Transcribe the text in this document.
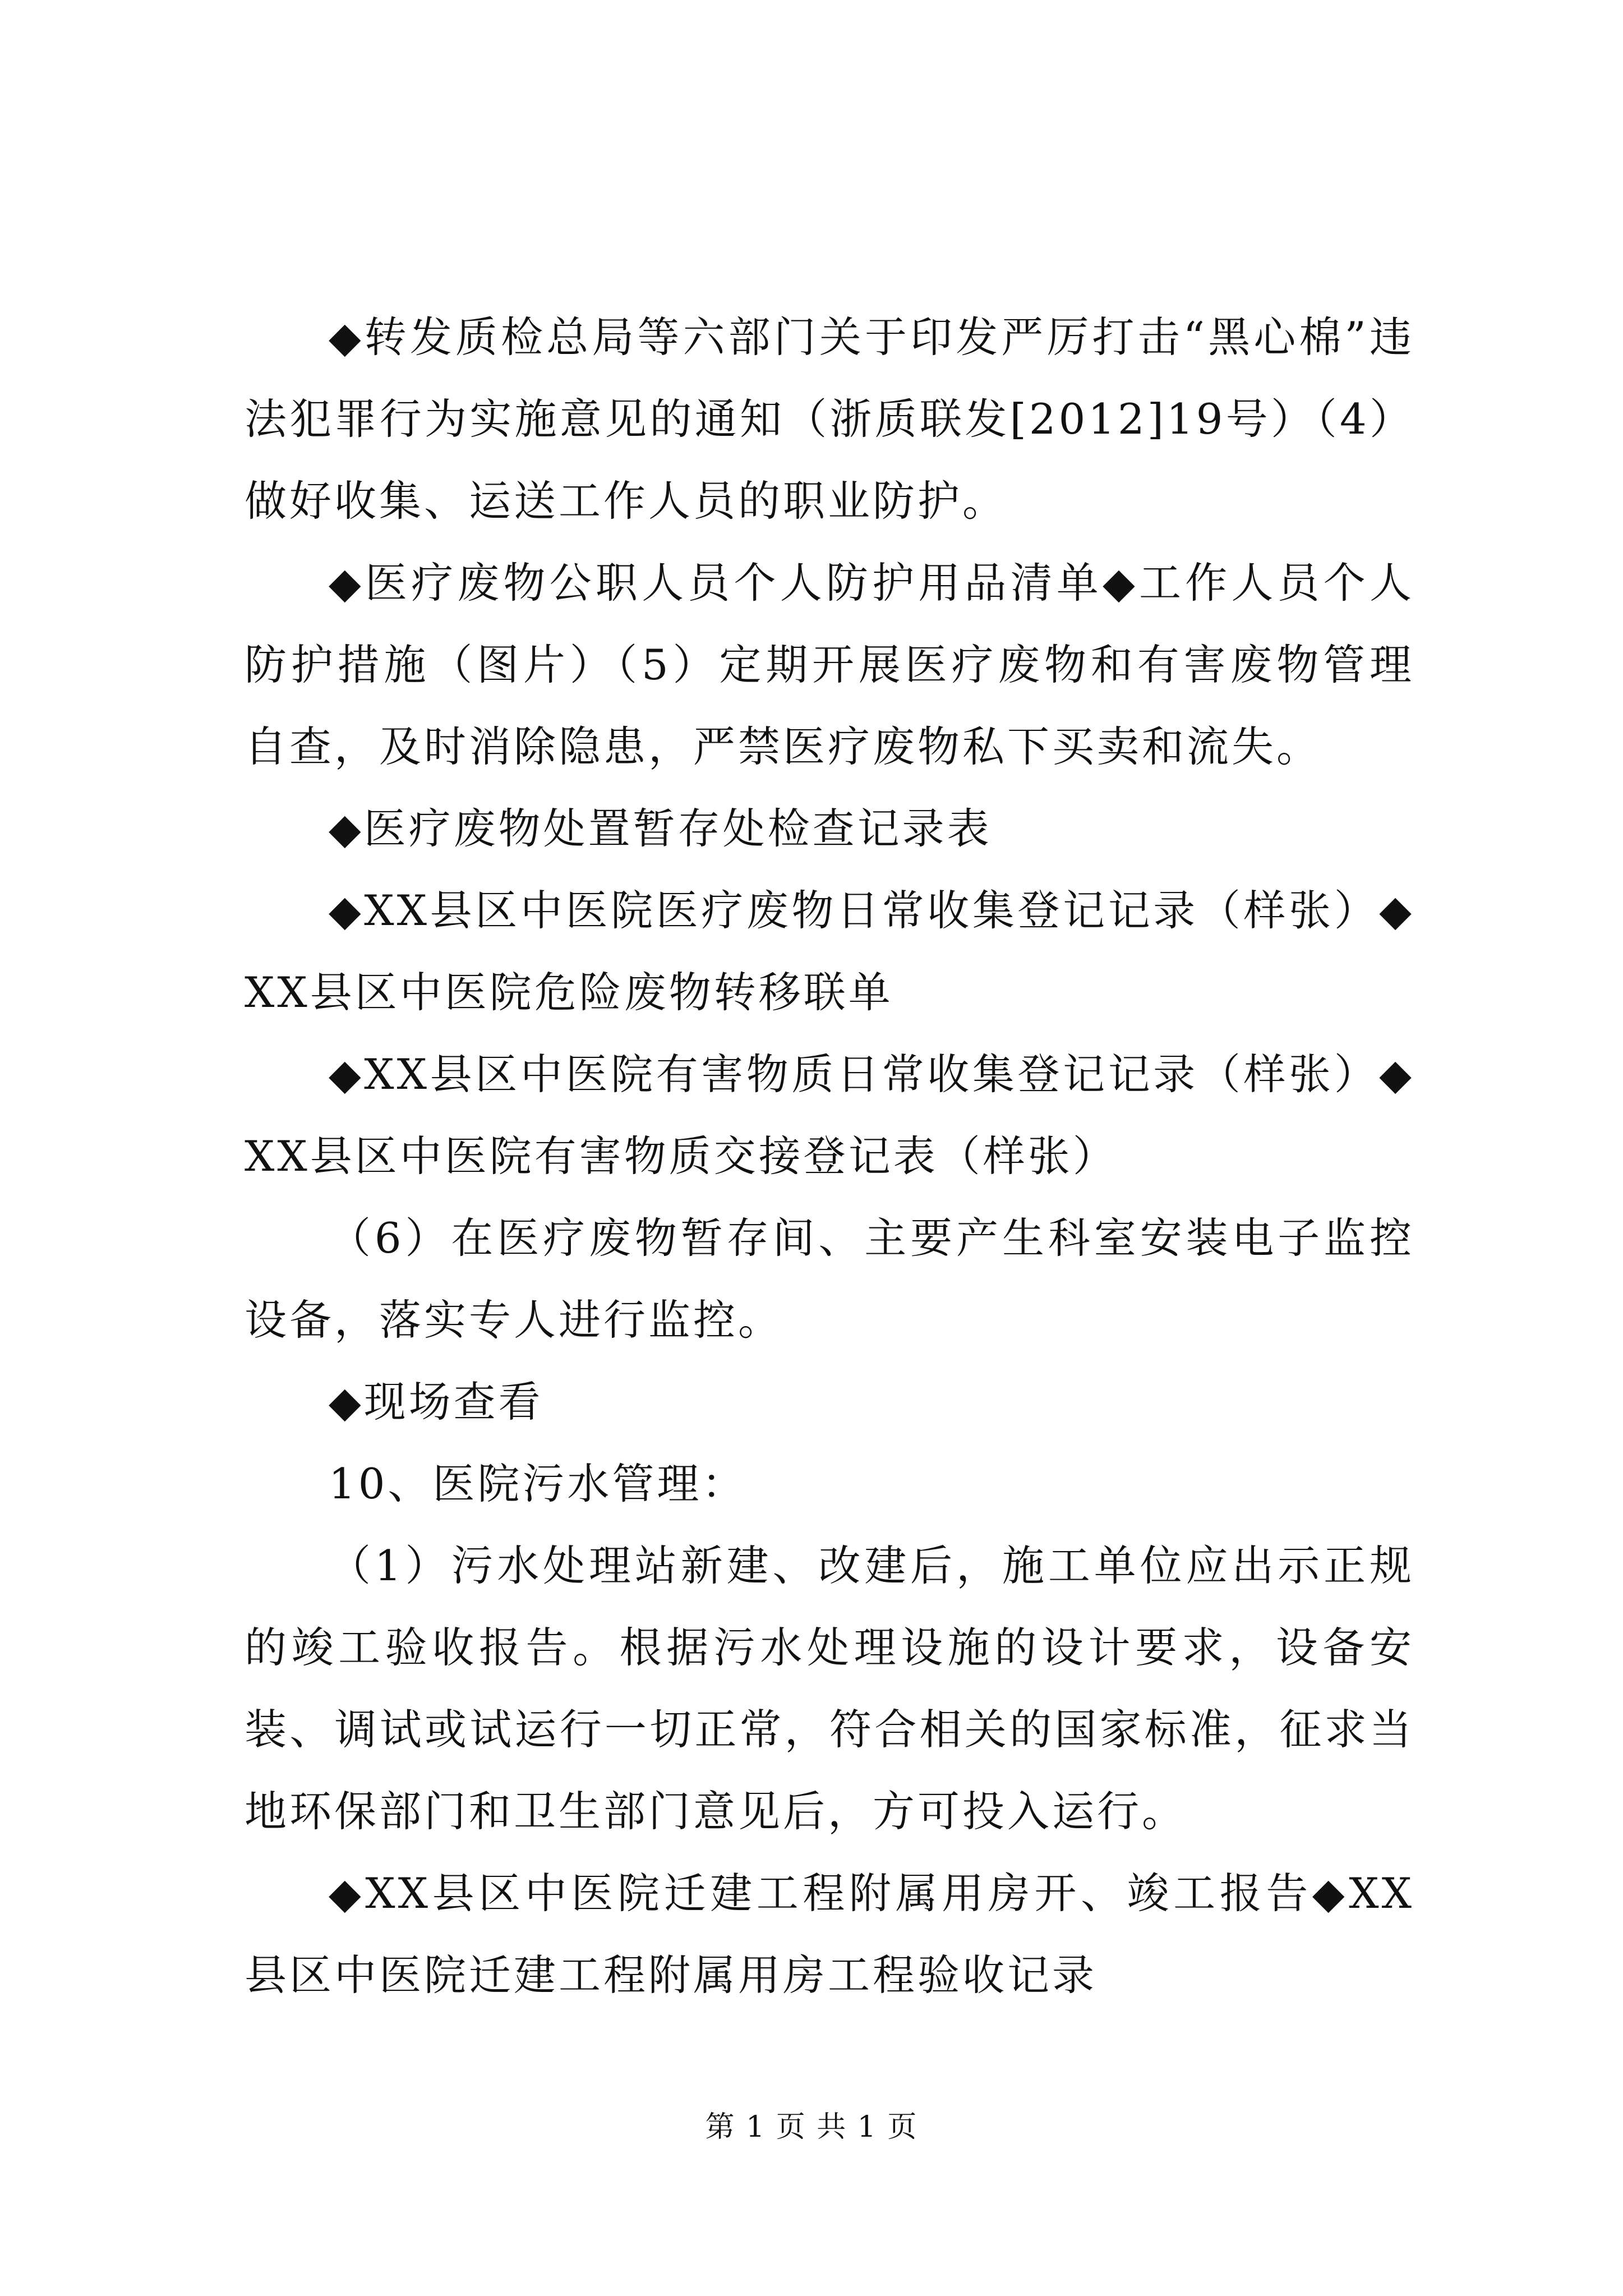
◆转发质检总局等六部门关于印发严厉打击“黑心棉”违法犯罪行为实施意见的通知（浙质联发[2012]19号）（4）做好收集、运送工作人员的职业防护。

◆医疗废物公职人员个人防护用品清单◆工作人员个人防护措施（图片）（5）定期开展医疗废物和有害废物管理自查，及时消除隐患，严禁医疗废物私下买卖和流失。

◆医疗废物处置暂存处检查记录表

◆XX县区中医院医疗废物日常收集登记记录（样张）◆XX县区中医院危险废物转移联单

◆XX县区中医院有害物质日常收集登记记录（样张）◆XX县区中医院有害物质交接登记表（样张）

（6）在医疗废物暂存间、主要产生科室安装电子监控设备，落实专人进行监控。

◆现场查看

10、医院污水管理：

（1）污水处理站新建、改建后，施工单位应出示正规的竣工验收报告。根据污水处理设施的设计要求，设备安装、调试或试运行一切正常，符合相关的国家标准，征求当地环保部门和卫生部门意见后，方可投入运行。

◆XX县区中医院迁建工程附属用房开、竣工报告◆XX县区中医院迁建工程附属用房工程验收记录

第 1 页 共 1 页
